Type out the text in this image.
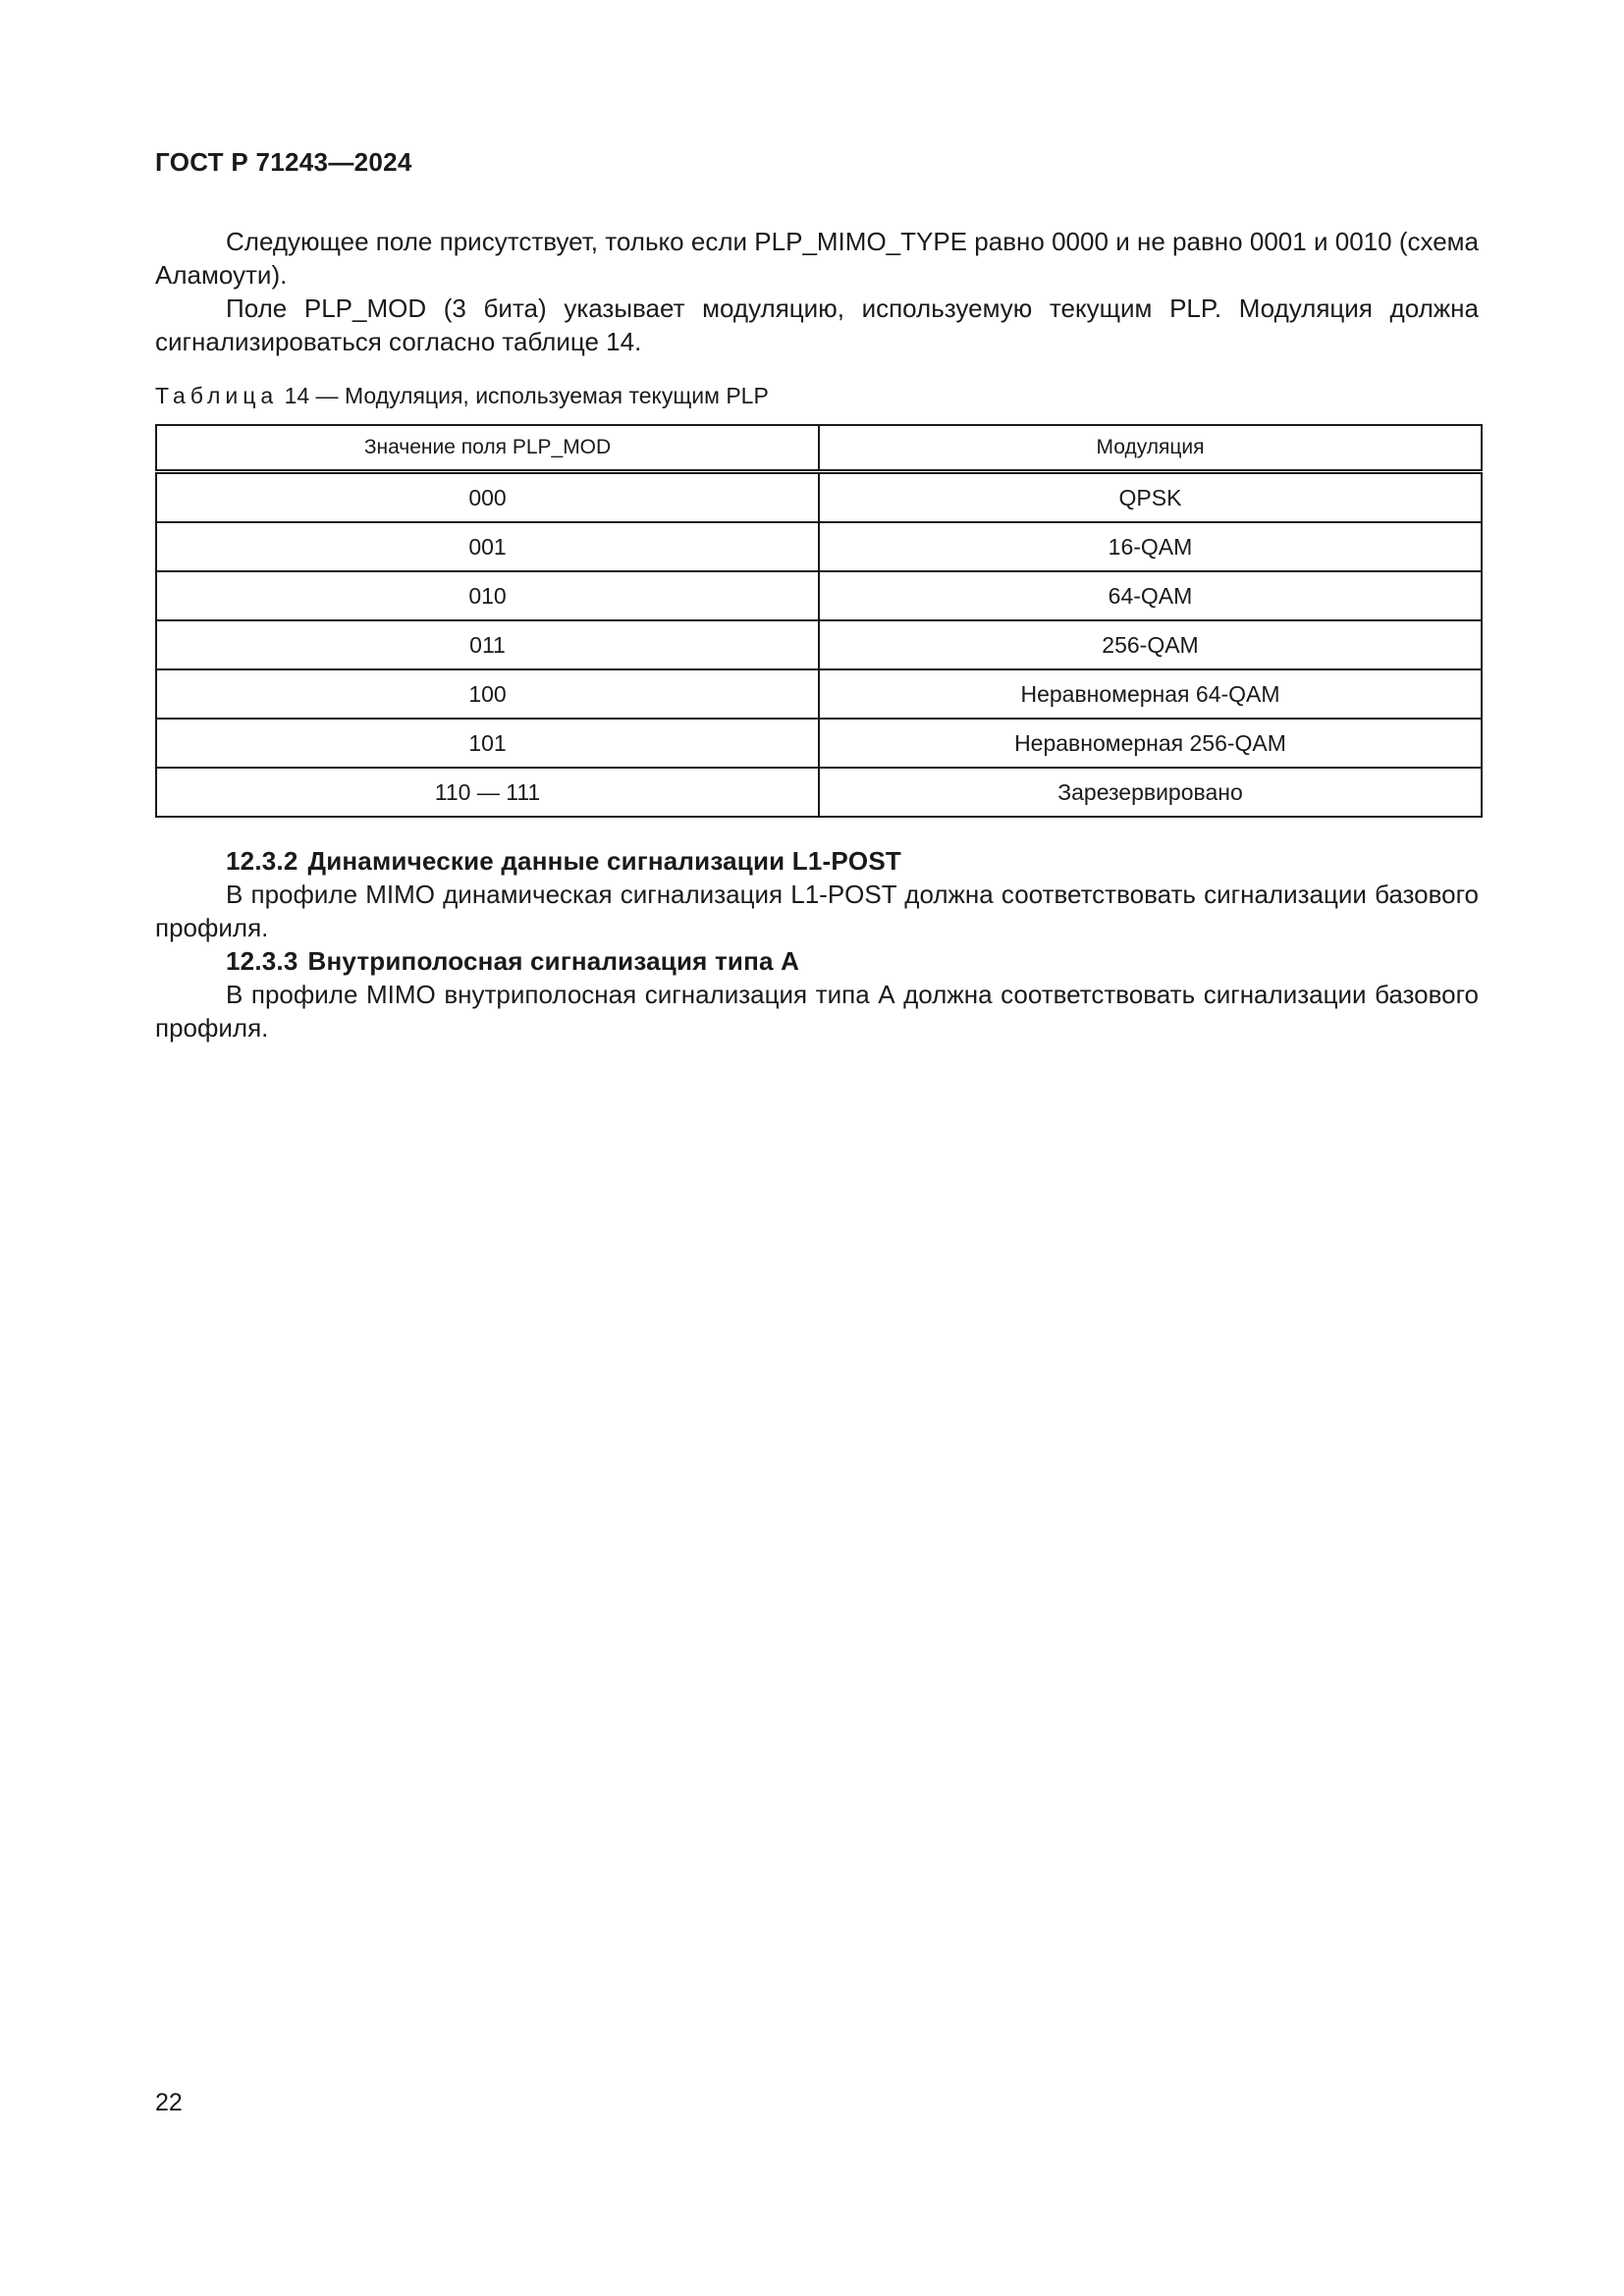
ГОСТ Р 71243—2024

Следующее поле присутствует, только если PLP_MIMO_TYPE равно 0000 и не равно 0001 и 0010 (схема Аламоути).

Поле PLP_MOD (3 бита) указывает модуляцию, используемую текущим PLP. Модуляция должна сигнализироваться согласно таблице 14.

Таблица 14 — Модуляция, используемая текущим PLP
Значение поля PLP_MOD	Модуляция
000	QPSK
001	16-QAM
010	64-QAM
011	256-QAM
100	Неравномерная 64-QAM
101	Неравномерная 256-QAM
110 — 111	Зарезервировано

12.3.2 Динамические данные сигнализации L1-POST

В профиле MIMO динамическая сигнализация L1-POST должна соответствовать сигнализации базового профиля.

12.3.3 Внутриполосная сигнализация типа А

В профиле MIMO внутриполосная сигнализация типа А должна соответствовать сигнализации базового профиля.

22
